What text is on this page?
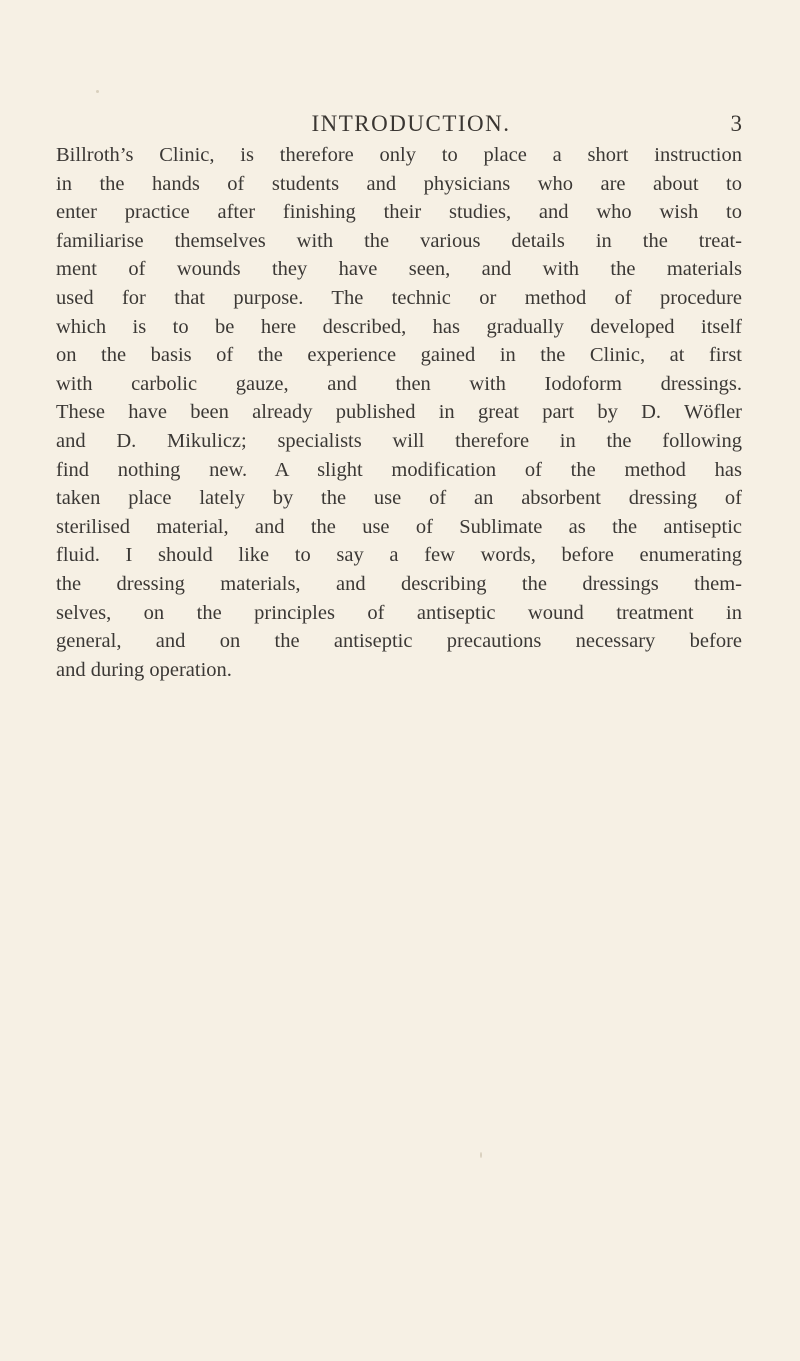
INTRODUCTION.	3
Billroth’s Clinic, is therefore only to place a short instruction
in the hands of students and physicians who are about to
enter practice after finishing their studies, and who wish to
familiarise themselves with the various details in the treat-
ment of wounds they have seen, and with the materials
used for that purpose. The technic or method of procedure
which is to be here described, has gradually developed itself
on the basis of the experience gained in the Clinic, at first
with carbolic gauze, and then with Iodoform dressings.
These have been already published in great part by D. Wöfler
and D. Mikulicz; specialists will therefore in the following
find nothing new. A slight modification of the method has
taken place lately by the use of an absorbent dressing of
sterilised material, and the use of Sublimate as the antiseptic
fluid. I should like to say a few words, before enumerating
the dressing materials, and describing the dressings them-
selves, on the principles of antiseptic wound treatment in
general, and on the antiseptic precautions necessary before
and during operation.
